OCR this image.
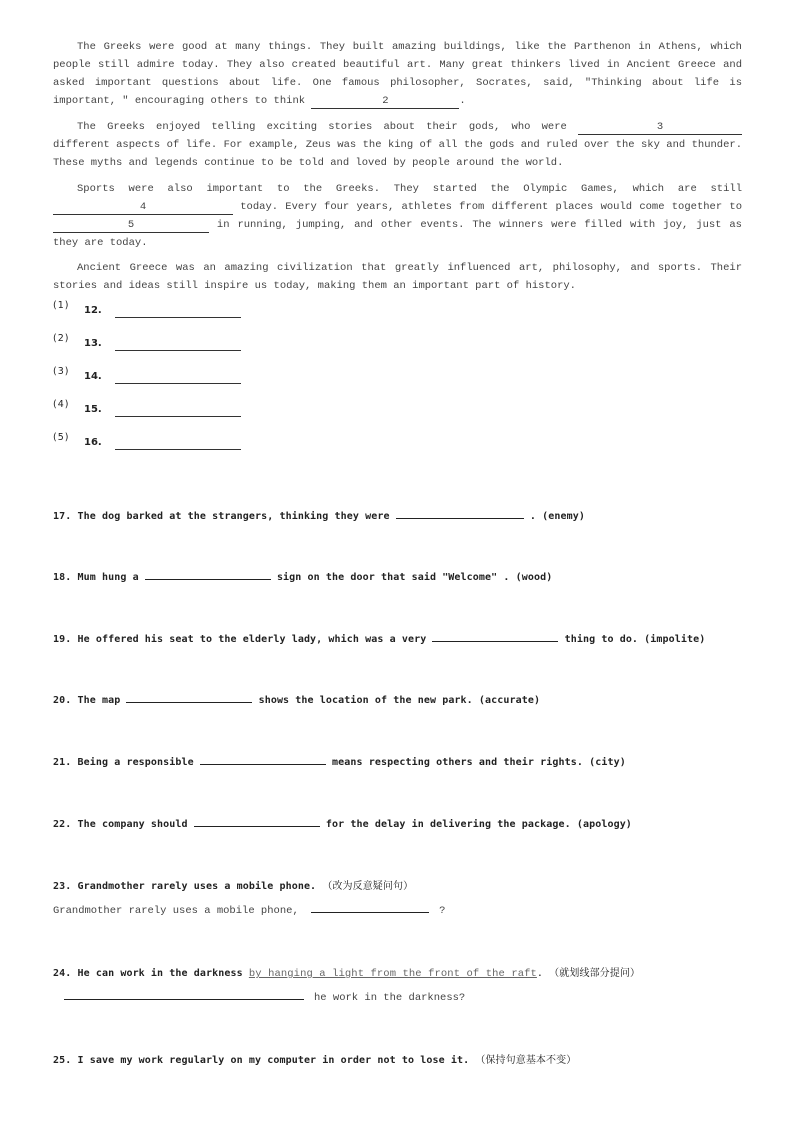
The Greeks were good at many things. They built amazing buildings, like the Parthenon in Athens, which people still admire today. They also created beautiful art. Many great thinkers lived in Ancient Greece and asked important questions about life. One famous philosopher, Socrates, said, "Thinking about life is important, " encouraging others to think	2	.
The Greeks enjoyed telling exciting stories about their gods, who were	3 different aspects of life. For example, Zeus was the king of all the gods and ruled over the sky and thunder. These myths and legends continue to be told and loved by people around the world.
Sports were also important to the Greeks. They started the Olympic Games, which are still 4	today. Every four years, athletes from different places would come together to 5	in running, jumping, and other events. The winners were filled with joy, just as they are today.
Ancient Greece was an amazing civilization that greatly influenced art, philosophy, and sports. Their stories and ideas still inspire us today, making them an important part of history.
(1) 12.
(2) 13.
(3) 14.
(4) 15.
(5) 16.
17. The dog barked at the strangers, thinking they were	. (enemy)
18. Mum hung a	sign on the door that said "Welcome" . (wood)
19. He offered his seat to the elderly lady, which was a very	thing to do. (impolite)
20. The map	shows the location of the new park. (accurate)
21. Being a responsible	means respecting others and their rights. (city)
22. The company should	for the delay in delivering the package. (apology)
23. Grandmother rarely uses a mobile phone. （改为反意疑问句）
Grandmother rarely uses a mobile phone,	?
24. He can work in the darkness by hanging a light from the front of the raft. （就划线部分提问）
he work in the darkness?
25. I save my work regularly on my computer in order not to lose it. （保持句意基本不变）
